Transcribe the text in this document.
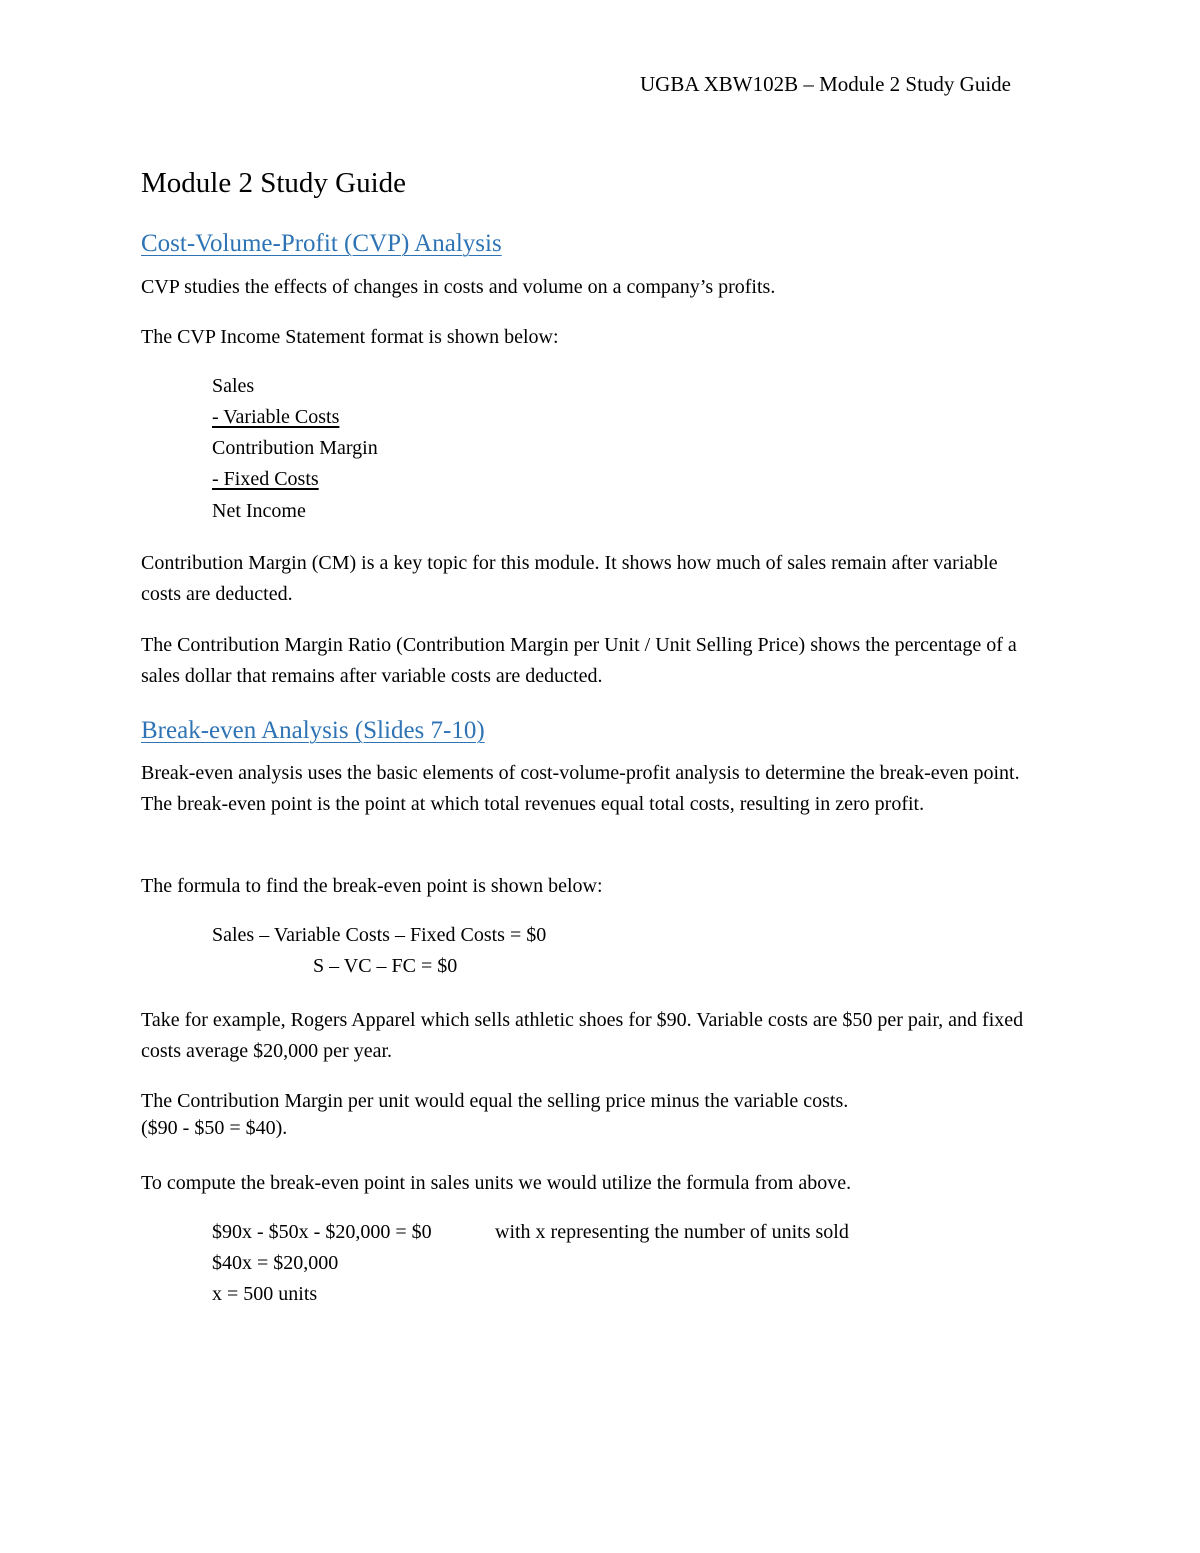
UGBA XBW102B – Module 2 Study Guide
Module 2 Study Guide
Cost-Volume-Profit (CVP) Analysis
CVP studies the effects of changes in costs and volume on a company’s profits.
The CVP Income Statement format is shown below:
Sales
- Variable Costs
Contribution Margin
- Fixed Costs
Net Income
Contribution Margin (CM) is a key topic for this module. It shows how much of sales remain after variable costs are deducted.
The Contribution Margin Ratio (Contribution Margin per Unit / Unit Selling Price) shows the percentage of a sales dollar that remains after variable costs are deducted.
Break-even Analysis (Slides 7-10)
Break-even analysis uses the basic elements of cost-volume-profit analysis to determine the break-even point. The break-even point is the point at which total revenues equal total costs, resulting in zero profit.
The formula to find the break-even point is shown below:
Sales – Variable Costs – Fixed Costs = $0
S – VC – FC = $0
Take for example, Rogers Apparel which sells athletic shoes for $90. Variable costs are $50 per pair, and fixed costs average $20,000 per year.
The Contribution Margin per unit would equal the selling price minus the variable costs.
($90 - $50 = $40).
To compute the break-even point in sales units we would utilize the formula from above.
$90x - $50x - $20,000 = $0	with x representing the number of units sold
$40x = $20,000
x = 500 units
